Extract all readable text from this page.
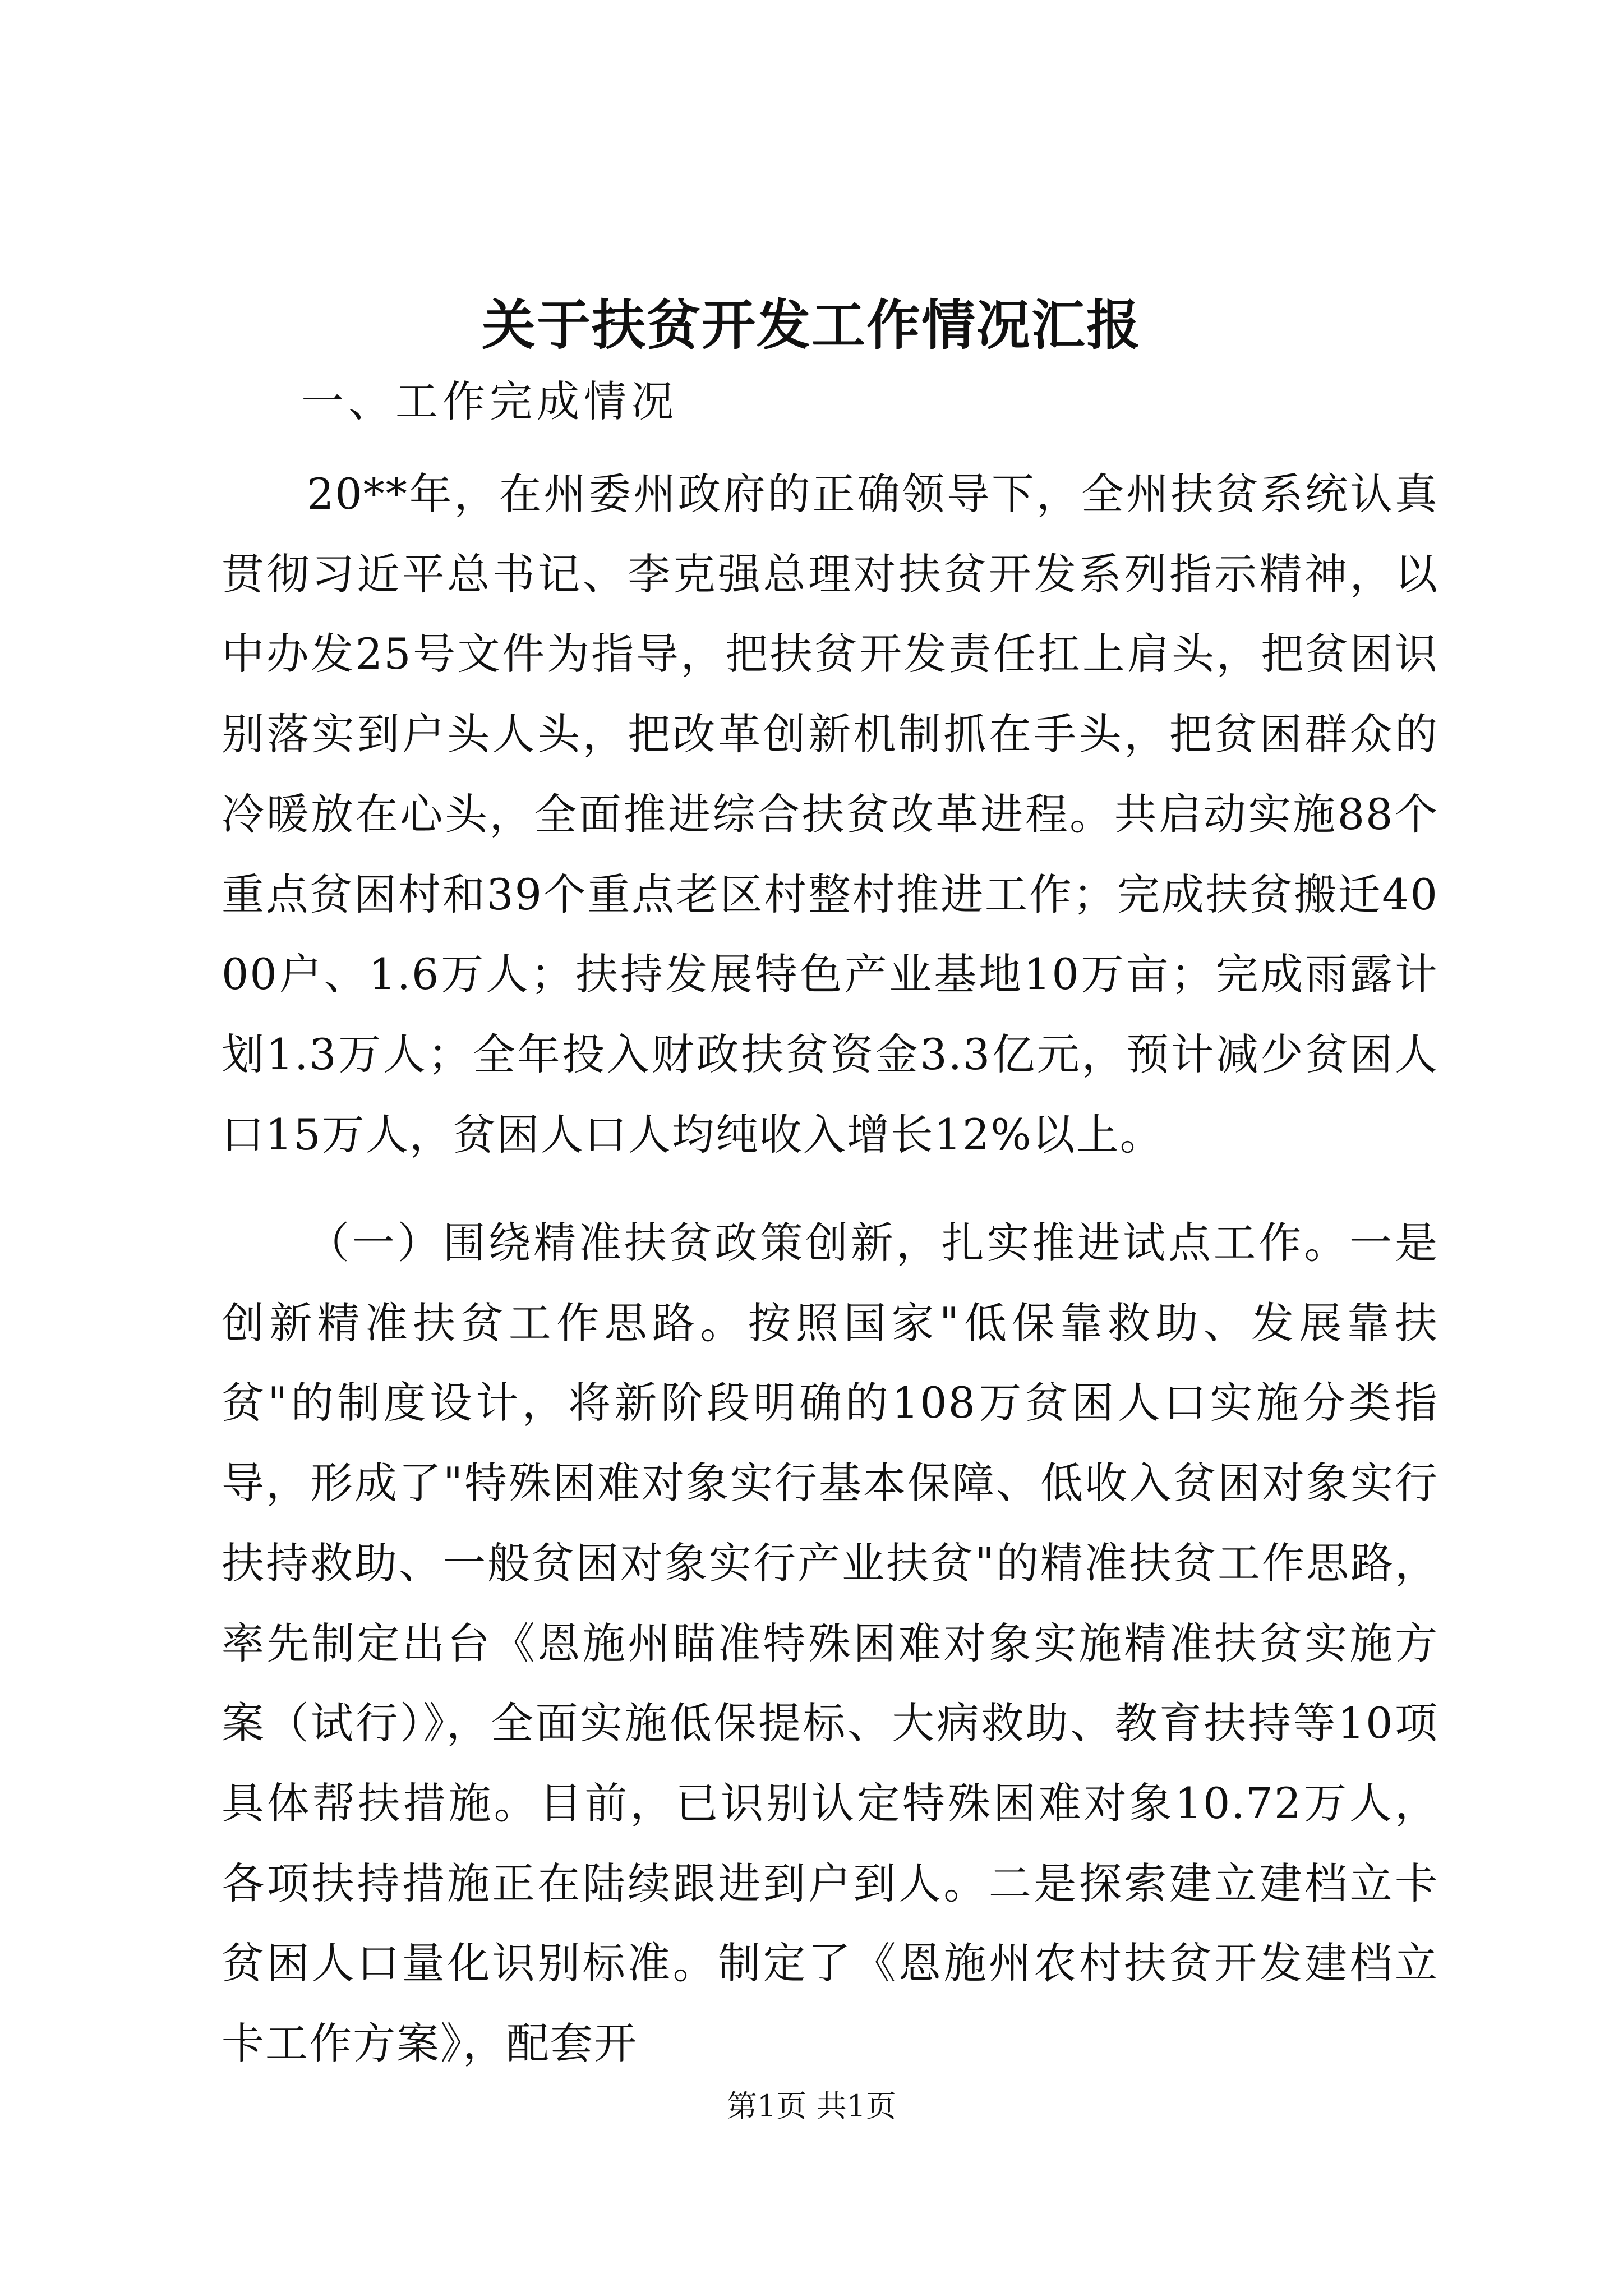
关于扶贫开发工作情况汇报

一、工作完成情况

20**年，在州委州政府的正确领导下，全州扶贫系统认真贯彻习近平总书记、李克强总理对扶贫开发系列指示精神，以中办发25号文件为指导，把扶贫开发责任扛上肩头，把贫困识别落实到户头人头，把改革创新机制抓在手头，把贫困群众的冷暖放在心头，全面推进综合扶贫改革进程。共启动实施88个重点贫困村和39个重点老区村整村推进工作；完成扶贫搬迁4000户、1.6万人；扶持发展特色产业基地10万亩；完成雨露计划1.3万人；全年投入财政扶贫资金3.3亿元，预计减少贫困人口15万人，贫困人口人均纯收入增长12%以上。

（一）围绕精准扶贫政策创新，扎实推进试点工作。一是创新精准扶贫工作思路。按照国家"低保靠救助、发展靠扶贫"的制度设计，将新阶段明确的108万贫困人口实施分类指导，形成了"特殊困难对象实行基本保障、低收入贫困对象实行扶持救助、一般贫困对象实行产业扶贫"的精准扶贫工作思路，率先制定出台《恩施州瞄准特殊困难对象实施精准扶贫实施方案（试行）》，全面实施低保提标、大病救助、教育扶持等10项具体帮扶措施。目前，已识别认定特殊困难对象10.72万人，各项扶持措施正在陆续跟进到户到人。二是探索建立建档立卡贫困人口量化识别标准。制定了《恩施州农村扶贫开发建档立卡工作方案》，配套开

第1页 共1页
